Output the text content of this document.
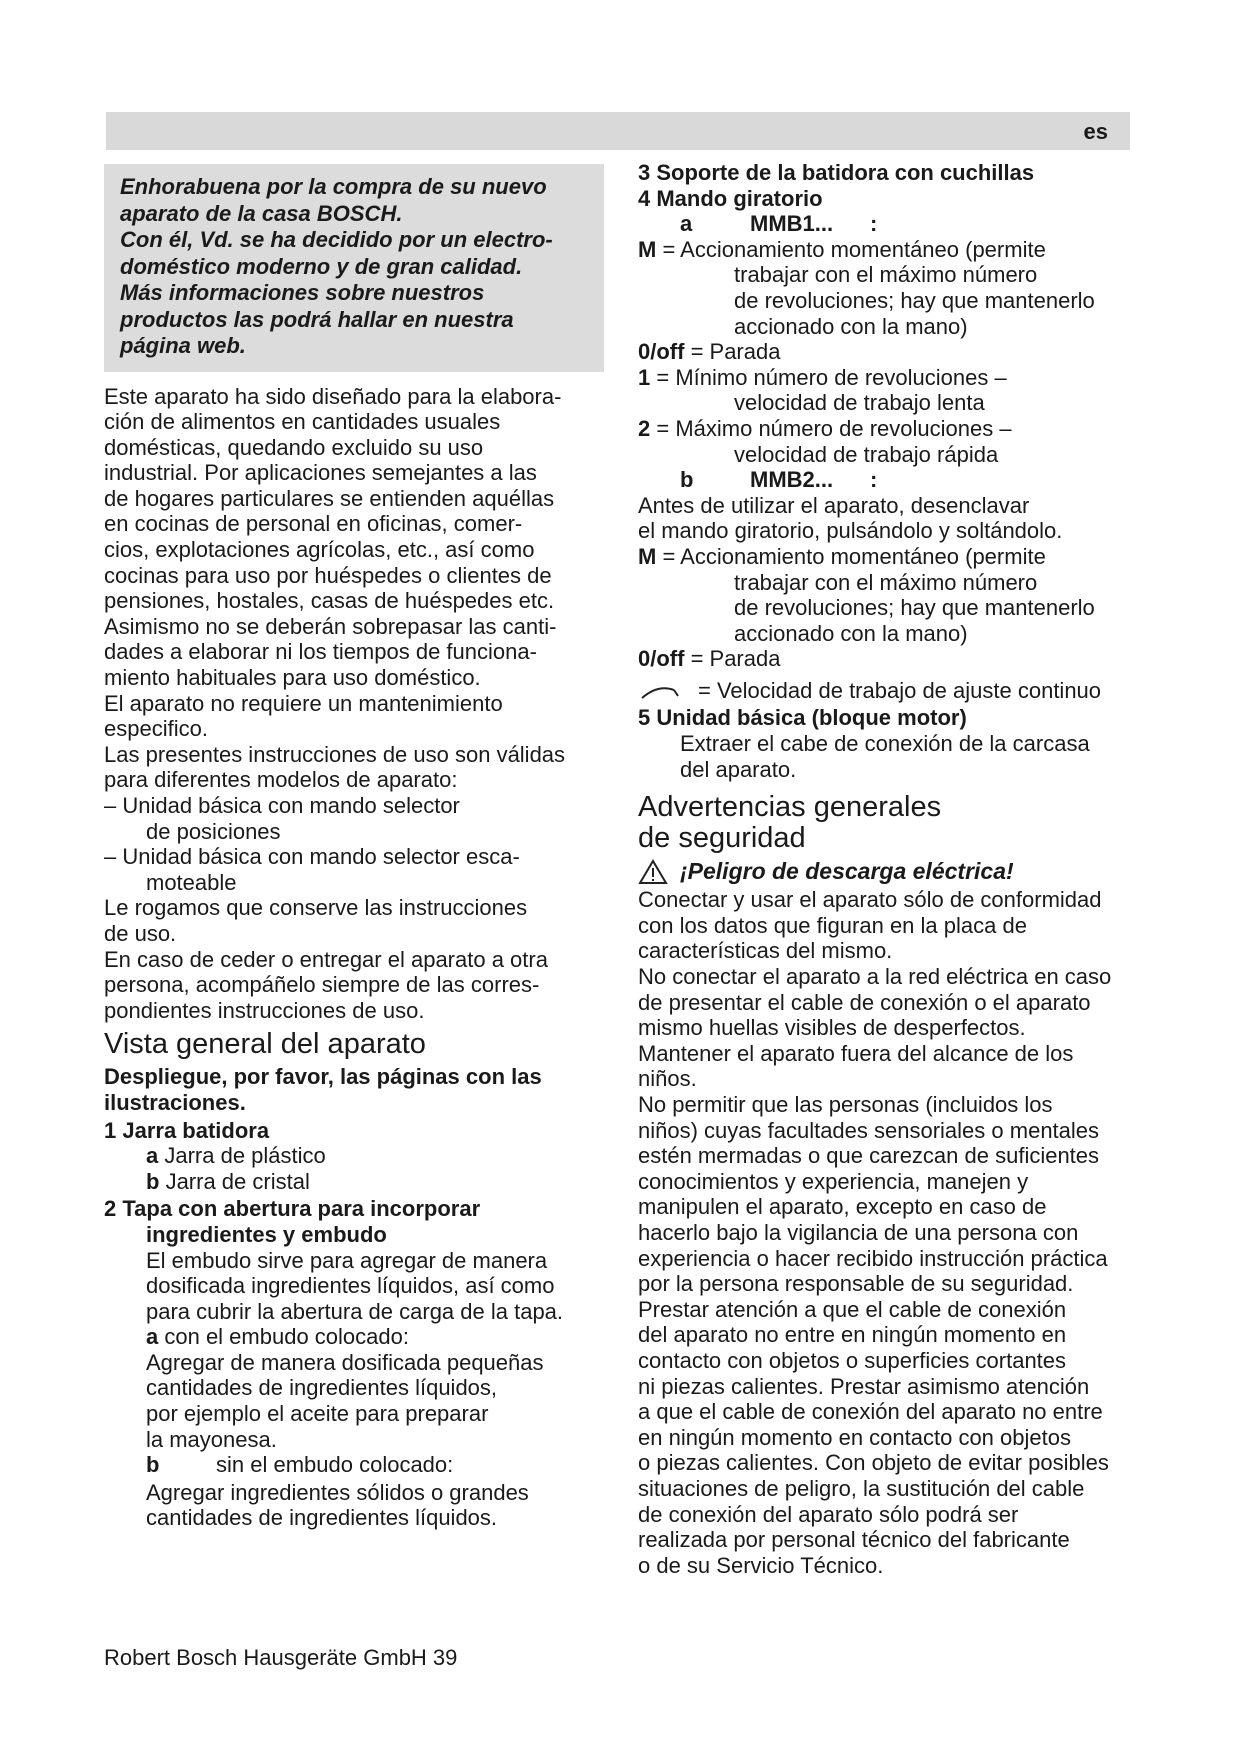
es
Enhorabuena por la compra de su nuevo
aparato de la casa BOSCH.
Con él, Vd. se ha decidido por un electro-
doméstico moderno y de gran calidad.
Más informaciones sobre nuestros
productos las podrá hallar en nuestra
página web.

Este aparato ha sido diseñado para la elabora-

ción de alimentos en cantidades usuales

domésticas, quedando excluido su uso

industrial. Por aplicaciones semejantes a las

de hogares particulares se entienden aquéllas

en cocinas de personal en oficinas, comer-

cios, explotaciones agrícolas, etc., así como

cocinas para uso por huéspedes o clientes de

pensiones, hostales, casas de huéspedes etc.

Asimismo no se deberán sobrepasar las canti-

dades a elaborar ni los tiempos de funciona-

miento habituales para uso doméstico.

El aparato no requiere un mantenimiento

especifico.

Las presentes instrucciones de uso son válidas

para diferentes modelos de aparato:

– Unidad básica con mando selector

de posiciones

– Unidad básica con mando selector esca-

moteable

Le rogamos que conserve las instrucciones

de uso.

En caso de ceder o entregar el aparato a otra

persona, acompáñelo siempre de las corres-

pondientes instrucciones de uso.

Vista general del aparato

Despliegue, por favor, las páginas con las

ilustraciones.

1 Jarra batidora

a Jarra de plástico

b Jarra de cristal

2 Tapa con abertura para incorporar

ingredientes y embudo

El embudo sirve para agregar de manera

dosificada ingredientes líquidos, así como

para cubrir la abertura de carga de la tapa.

a con el embudo colocado:

Agregar de manera dosificada pequeñas

cantidades de ingredientes líquidos,

por ejemplo el aceite para preparar

la mayonesa.

b	sin el embudo colocado:

Agregar ingredientes sólidos o grandes

cantidades de ingredientes líquidos.

3 Soporte de la batidora con cuchillas

4 Mando giratorio

a	MMB1... :

M = Accionamiento momentáneo (permite

trabajar con el máximo número

de revoluciones; hay que mantenerlo

accionado con la mano)

0/off = Parada

1 = Mínimo número de revoluciones –

velocidad de trabajo lenta

2 = Máximo número de revoluciones –

velocidad de trabajo rápida

b	MMB2... :

Antes de utilizar el aparato, desenclavar

el mando giratorio, pulsándolo y soltándolo.

M = Accionamiento momentáneo (permite

trabajar con el máximo número

de revoluciones; hay que mantenerlo

accionado con la mano)

0/off = Parada

= Velocidad de trabajo de ajuste continuo

5 Unidad básica (bloque motor)

Extraer el cabe de conexión de la carcasa

del aparato.

Advertencias generales
de seguridad
¡Peligro de descarga eléctrica!

Conectar y usar el aparato sólo de conformidad

con los datos que figuran en la placa de

características del mismo.

No conectar el aparato a la red eléctrica en caso

de presentar el cable de conexión o el aparato

mismo huellas visibles de desperfectos.

Mantener el aparato fuera del alcance de los

niños.

No permitir que las personas (incluidos los

niños) cuyas facultades sensoriales o mentales

estén mermadas o que carezcan de suficientes

conocimientos y experiencia, manejen y

manipulen el aparato, excepto en caso de

hacerlo bajo la vigilancia de una persona con

experiencia o hacer recibido instrucción práctica

por la persona responsable de su seguridad.

Prestar atención a que el cable de conexión

del aparato no entre en ningún momento en

contacto con objetos o superficies cortantes

ni piezas calientes. Prestar asimismo atención

a que el cable de conexión del aparato no entre

en ningún momento en contacto con objetos

o piezas calientes. Con objeto de evitar posibles

situaciones de peligro, la sustitución del cable

de conexión del aparato sólo podrá ser

realizada por personal técnico del fabricante

o de su Servicio Técnico.

Robert Bosch Hausgeräte GmbH 39
